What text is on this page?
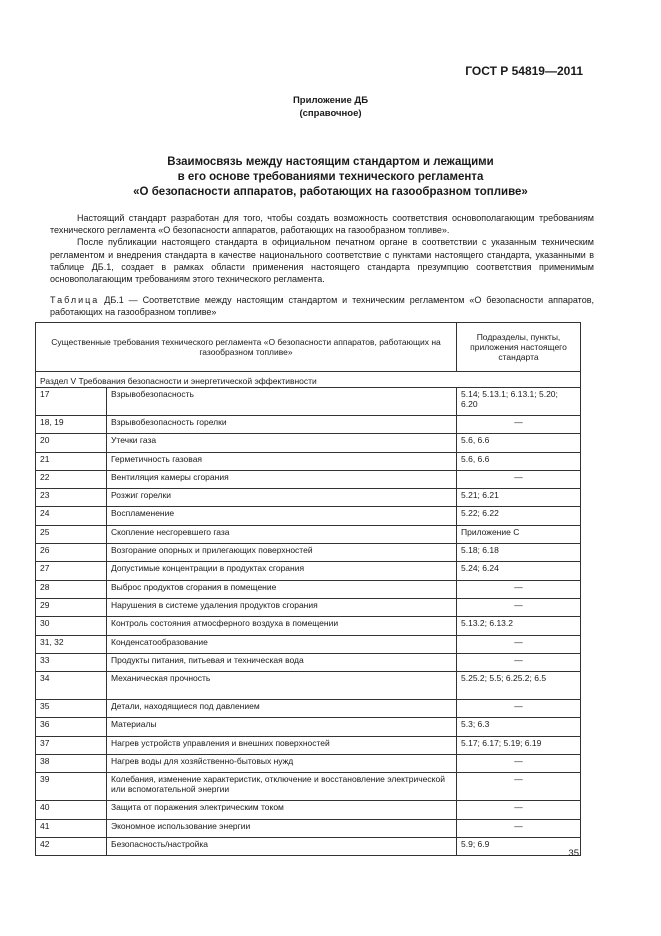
ГОСТ Р 54819—2011
Приложение ДБ
(справочное)
Взаимосвязь между настоящим стандартом и лежащими
в его основе требованиями технического регламента
«О безопасности аппаратов, работающих на газообразном топливе»

Настоящий стандарт разработан для того, чтобы создать возможность соответствия основополагающим требованиям технического регламента «О безопасности аппаратов, работающих на газообразном топливе».

После публикации настоящего стандарта в официальном печатном органе в соответствии с указанным техническим регламентом и внедрения стандарта в качестве национального соответствие с пунктами настоящего стандарта, указанными в таблице ДБ.1, создает в рамках области применения настоящего стандарта презумпцию соответствия применимым основополагающим требованиям этого технического регламента.

Таблица ДБ.1 — Соответствие между настоящим стандартом и техническим регламентом «О безопасности аппаратов, работающих на газообразном топливе»
Существенные требования технического регламента «О безопасности аппаратов, работающих на газообразном топливе»		Подразделы, пункты, приложения настоящего стандарта
Раздел V Требования безопасности и энергетической эффективности		
17	Взрывобезопасность	5.14; 5.13.1; 6.13.1; 5.20; 6.20
18, 19	Взрывобезопасность горелки	—
20	Утечки газа	5.6, 6.6
21	Герметичность газовая	5.6, 6.6
22	Вентиляция камеры сгорания	—
23	Розжиг горелки	5.21; 6.21
24	Воспламенение	5.22; 6.22
25	Скопление несгоревшего газа	Приложение С
26	Возгорание опорных и прилегающих поверхностей	5.18; 6.18
27	Допустимые концентрации в продуктах сгорания	5.24; 6.24
28	Выброс продуктов сгорания в помещение	—
29	Нарушения в системе удаления продуктов сгорания	—
30	Контроль состояния атмосферного воздуха в помещении	5.13.2; 6.13.2
31, 32	Конденсатообразование	—
33	Продукты питания, питьевая и техническая вода	—
34	Механическая прочность	5.25.2; 5.5; 6.25.2; 6.5
35	Детали, находящиеся под давлением	—
36	Материалы	5.3; 6.3
37	Нагрев устройств управления и внешних поверхностей	5.17; 6.17; 5.19; 6.19
38	Нагрев воды для хозяйственно-бытовых нужд	—
39	Колебания, изменение характеристик, отключение и восстановление электрической или вспомогательной энергии	—
40	Защита от поражения электрическим током	—
41	Экономное использование энергии	—
42	Безопасность/настройка	5.9; 6.9
35
